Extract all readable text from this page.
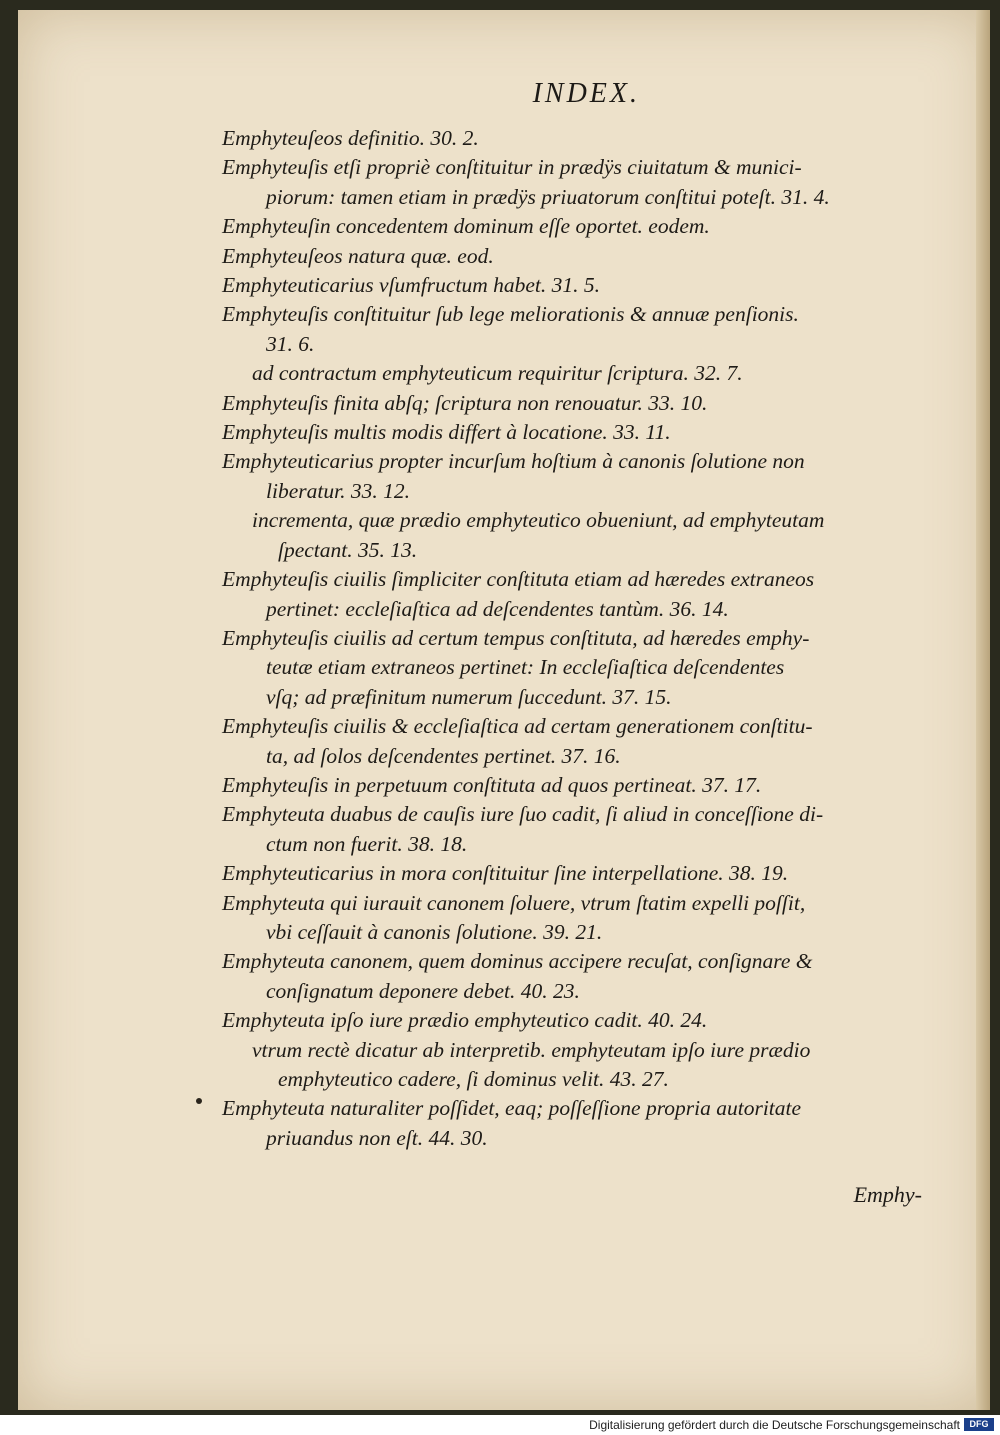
INDEX.
Emphyteuſeos definitio. 30. 2.
Emphyteuſis etſi propriè conſtituitur in prædÿs ciuitatum & munici-
piorum: tamen etiam in prædÿs priuatorum conſtitui poteſt. 31. 4.
Emphyteuſin concedentem dominum eſſe oportet. eodem.
Emphyteuſeos natura quæ. eod.
Emphyteuticarius vſumfructum habet. 31. 5.
Emphyteuſis conſtituitur ſub lege meliorationis & annuæ penſionis.
31. 6.
ad contractum emphyteuticum requiritur ſcriptura. 32. 7.
Emphyteuſis finita abſq; ſcriptura non renouatur. 33. 10.
Emphyteuſis multis modis differt à locatione. 33. 11.
Emphyteuticarius propter incurſum hoſtium à canonis ſolutione non
liberatur. 33. 12.
incrementa, quæ prædio emphyteutico obueniunt, ad emphyteutam
ſpectant. 35. 13.
Emphyteuſis ciuilis ſimpliciter conſtituta etiam ad hæredes extraneos
pertinet: eccleſiaſtica ad deſcendentes tantùm. 36. 14.
Emphyteuſis ciuilis ad certum tempus conſtituta, ad hæredes emphy-
teutæ etiam extraneos pertinet: In eccleſiaſtica deſcendentes
vſq; ad præfinitum numerum ſuccedunt. 37. 15.
Emphyteuſis ciuilis & eccleſiaſtica ad certam generationem conſtitu-
ta, ad ſolos deſcendentes pertinet. 37. 16.
Emphyteuſis in perpetuum conſtituta ad quos pertineat. 37. 17.
Emphyteuta duabus de cauſis iure ſuo cadit, ſi aliud in conceſſione di-
ctum non fuerit. 38. 18.
Emphyteuticarius in mora conſtituitur ſine interpellatione. 38. 19.
Emphyteuta qui iurauit canonem ſoluere, vtrum ſtatim expelli poſſit,
vbi ceſſauit à canonis ſolutione. 39. 21.
Emphyteuta canonem, quem dominus accipere recuſat, conſignare &
conſignatum deponere debet. 40. 23.
Emphyteuta ipſo iure prædio emphyteutico cadit. 40. 24.
vtrum rectè dicatur ab interpretib. emphyteutam ipſo iure prædio
emphyteutico cadere, ſi dominus velit. 43. 27.
Emphyteuta naturaliter poſſidet, eaq; poſſeſſione propria autoritate
priuandus non eſt. 44. 30.
Emphy-
Digitalisierung gefördert durch die Deutsche Forschungsgemeinschaft	DFG
